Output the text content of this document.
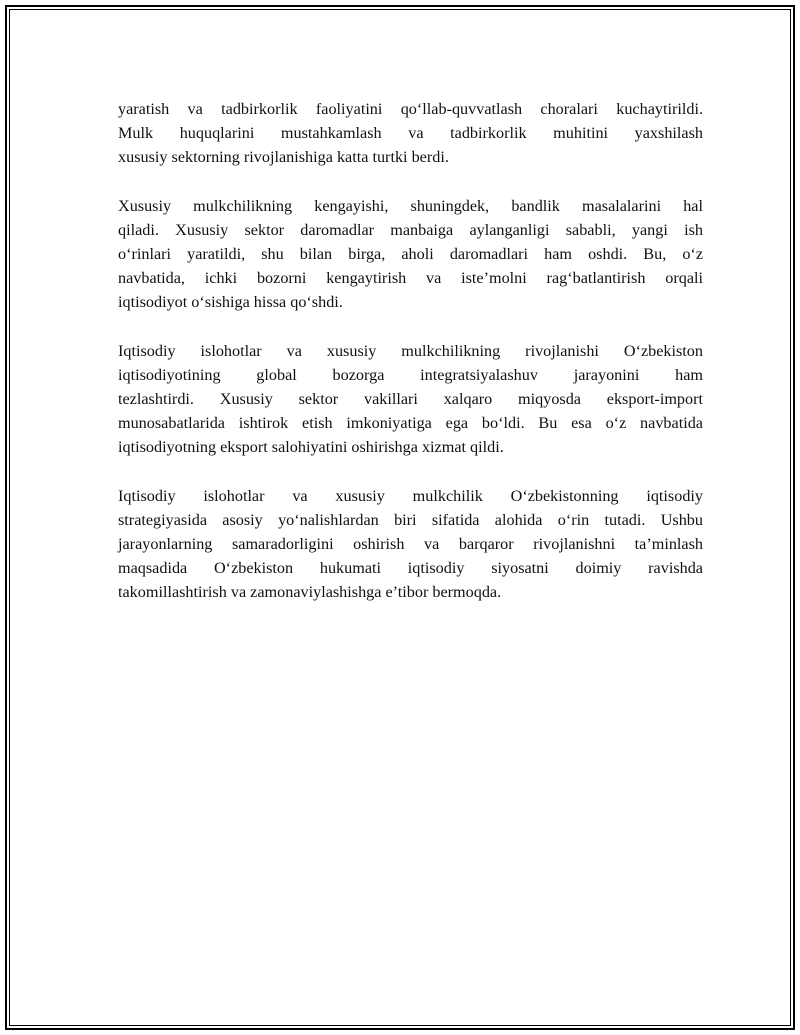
yaratish va tadbirkorlik faoliyatini qo‘llab-quvvatlash choralari kuchaytirildi.
Mulk huquqlarini mustahkamlash va tadbirkorlik muhitini yaxshilash
xususiy sektorning rivojlanishiga katta turtki berdi.
Xususiy mulkchilikning kengayishi, shuningdek, bandlik masalalarini hal
qiladi. Xususiy sektor daromadlar manbaiga aylanganligi sababli, yangi ish
o‘rinlari yaratildi, shu bilan birga, aholi daromadlari ham oshdi. Bu, o‘z
navbatida, ichki bozorni kengaytirish va iste’molni rag‘batlantirish orqali
iqtisodiyot o‘sishiga hissa qo‘shdi.
Iqtisodiy islohotlar va xususiy mulkchilikning rivojlanishi O‘zbekiston
iqtisodiyotining global bozorga integratsiyalashuv jarayonini ham
tezlashtirdi. Xususiy sektor vakillari xalqaro miqyosda eksport-import
munosabatlarida ishtirok etish imkoniyatiga ega bo‘ldi. Bu esa o‘z navbatida
iqtisodiyotning eksport salohiyatini oshirishga xizmat qildi.
Iqtisodiy islohotlar va xususiy mulkchilik O‘zbekistonning iqtisodiy
strategiyasida asosiy yo‘nalishlardan biri sifatida alohida o‘rin tutadi. Ushbu
jarayonlarning samaradorligini oshirish va barqaror rivojlanishni ta’minlash
maqsadida O‘zbekiston hukumati iqtisodiy siyosatni doimiy ravishda
takomillashtirish va zamonaviylashishga e’tibor bermoqda.
